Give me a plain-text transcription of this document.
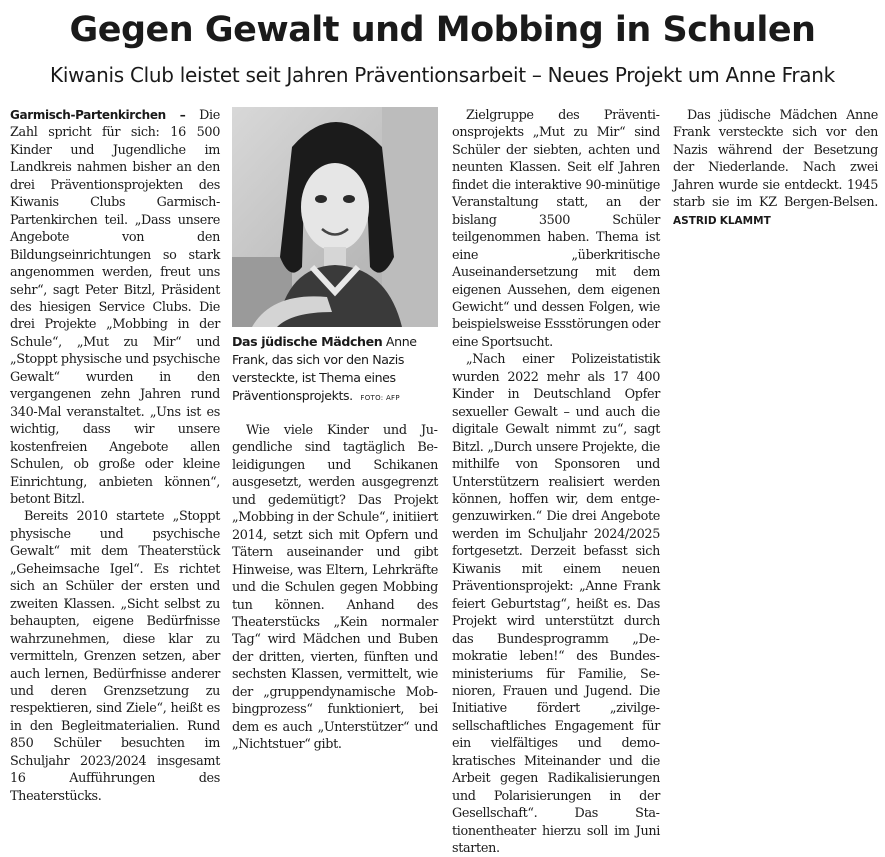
Gegen Gewalt und Mobbing in Schulen
Kiwanis Club leistet seit Jahren Präventionsarbeit – Neues Projekt um Anne Frank
Das jüdische Mädchen Anne Frank, das sich vor den Nazis versteckte, ist Thema eines Präventionsprojekts. FOTO: AFP

Garmisch-Partenkirchen – Die Zahl spricht für sich: 16 500 Kinder und Jugendliche im Landkreis nahmen bisher an den drei Präventionsprojekten des Kiwanis Clubs Garmisch-Partenkirchen teil. „Dass unsere Angebote von den Bildungseinrichtungen so stark angenommen werden, freut uns sehr“, sagt Peter Bitzl, Präsident des hiesigen Service Clubs. Die drei Projekte „Mobbing in der Schule“, „Mut zu Mir“ und „Stoppt physische und psychische Gewalt“ wurden in den vergangenen zehn Jahren rund 340-Mal veranstaltet. „Uns ist es wichtig, dass wir unsere kostenfreien Angebote allen Schulen, ob große oder kleine Einrichtung, anbieten können“, betont Bitzl.

Bereits 2010 startete „Stoppt physische und psychische Gewalt“ mit dem Theaterstück „Geheimsache Igel“. Es richtet sich an Schüler der ersten und zweiten Klassen. „Sicht selbst zu behaupten, eigene Bedürfnisse wahrzunehmen, diese klar zu vermitteln, Grenzen setzen, aber auch lernen, Bedürfnisse anderer und deren Grenzsetzung zu respektieren, sind Ziele“, heißt es in den Begleitmaterialien. Rund 850 Schüler besuchten im Schuljahr 2023/2024 insgesamt 16 Aufführungen des Theaterstücks.

Wie viele Kinder und Jugendliche sind tagtäglich Beleidigungen und Schikanen ausgesetzt, werden ausgegrenzt und gedemütigt? Das Projekt „Mobbing in der Schule“, initiiert 2014, setzt sich mit Opfern und Tätern auseinander und gibt Hinweise, was Eltern, Lehrkräfte und die Schulen gegen Mobbing tun können. Anhand des Theaterstücks „Kein normaler Tag“ wird Mädchen und Buben der dritten, vierten, fünften und sechsten Klassen, vermittelt, wie der „gruppendynamische Mobbingprozess“ funktioniert, bei dem es auch „Unterstützer“ und „Nichtstuer“ gibt.

Zielgruppe des Präventionsprojekts „Mut zu Mir“ sind Schüler der siebten, achten und neunten Klassen. Seit elf Jahren findet die interaktive 90-minütige Veranstaltung statt, an der bislang 3500 Schüler teilgenommen haben. Thema ist eine „überkritische Auseinandersetzung mit dem eigenen Aussehen, dem eigenen Gewicht“ und dessen Folgen, wie beispielsweise Essstörungen oder eine Sportsucht.

„Nach einer Polizeistatistik wurden 2022 mehr als 17 400 Kinder in Deutschland Opfer sexueller Gewalt – und auch die digitale Gewalt nimmt zu“, sagt Bitzl. „Durch unsere Projekte, die mithilfe von Sponsoren und Unterstützern realisiert werden können, hoffen wir, dem entgegenzuwirken.“ Die drei Angebote werden im Schuljahr 2024/2025 fortgesetzt. Derzeit befasst sich Kiwanis mit einem neuen Präventionsprojekt: „Anne Frank feiert Geburtstag“, heißt es. Das Projekt wird unterstützt durch das Bundesprogramm „Demokratie leben!“ des Bundesministeriums für Familie, Senioren, Frauen und Jugend. Die Initiative fördert „zivilgesellschaftliches Engagement für ein vielfältiges und demokratisches Miteinander und die Arbeit gegen Radikalisierungen und Polarisierungen in der Gesellschaft“. Das Stationentheater hierzu soll im Juni starten.

Das jüdische Mädchen Anne Frank versteckte sich vor den Nazis während der Besetzung der Niederlande. Nach zwei Jahren wurde sie entdeckt. 1945 starb sie im KZ Bergen-Belsen. ASTRID KLAMMT
